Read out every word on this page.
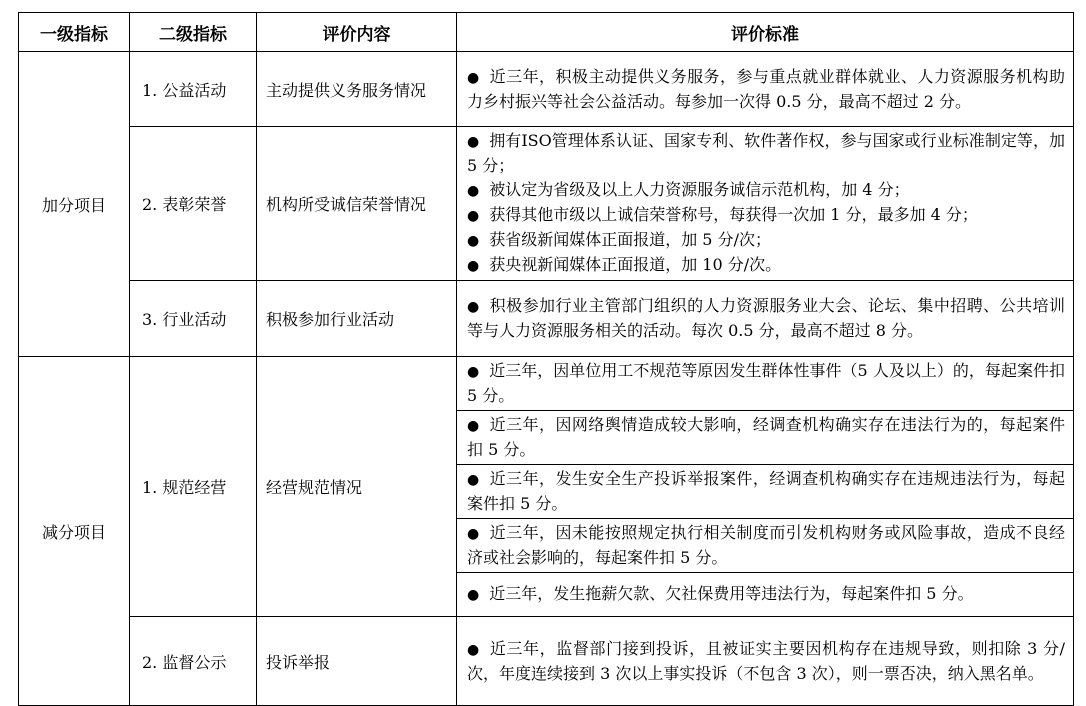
一级指标	二级指标	评价内容	评价标准
加分项目	1. 公益活动	主动提供义务服务情况	● 近三年，积极主动提供义务服务，参与重点就业群体就业、人力资源服务机构助力乡村振兴等社会公益活动。每参加一次得 0.5 分，最高不超过 2 分。

	2. 表彰荣誉	机构所受诚信荣誉情况	● 拥有ISO管理体系认证、国家专利、软件著作权，参与国家或行业标准制定等，加 5 分；

● 被认定为省级及以上人力资源服务诚信示范机构，加 4 分；

● 获得其他市级以上诚信荣誉称号，每获得一次加 1 分，最多加 4 分；

● 获省级新闻媒体正面报道，加 5 分/次；

● 获央视新闻媒体正面报道，加 10 分/次。

	3. 行业活动	积极参加行业活动	● 积极参加行业主管部门组织的人力资源服务业大会、论坛、集中招聘、公共培训等与人力资源服务相关的活动。每次 0.5 分，最高不超过 8 分。

减分项目	1. 规范经营	经营规范情况	● 近三年，因单位用工不规范等原因发生群体性事件（5 人及以上）的，每起案件扣 5 分。

			● 近三年，因网络舆情造成较大影响，经调查机构确实存在违法行为的，每起案件扣 5 分。

			● 近三年，发生安全生产投诉举报案件，经调查机构确实存在违规违法行为，每起案件扣 5 分。

			● 近三年，因未能按照规定执行相关制度而引发机构财务或风险事故，造成不良经济或社会影响的，每起案件扣 5 分。

			● 近三年，发生拖薪欠款、欠社保费用等违法行为，每起案件扣 5 分。

	2. 监督公示	投诉举报	● 近三年，监督部门接到投诉，且被证实主要因机构存在违规导致，则扣除 3 分/次，年度连续接到 3 次以上事实投诉（不包含 3 次），则一票否决，纳入黑名单。
